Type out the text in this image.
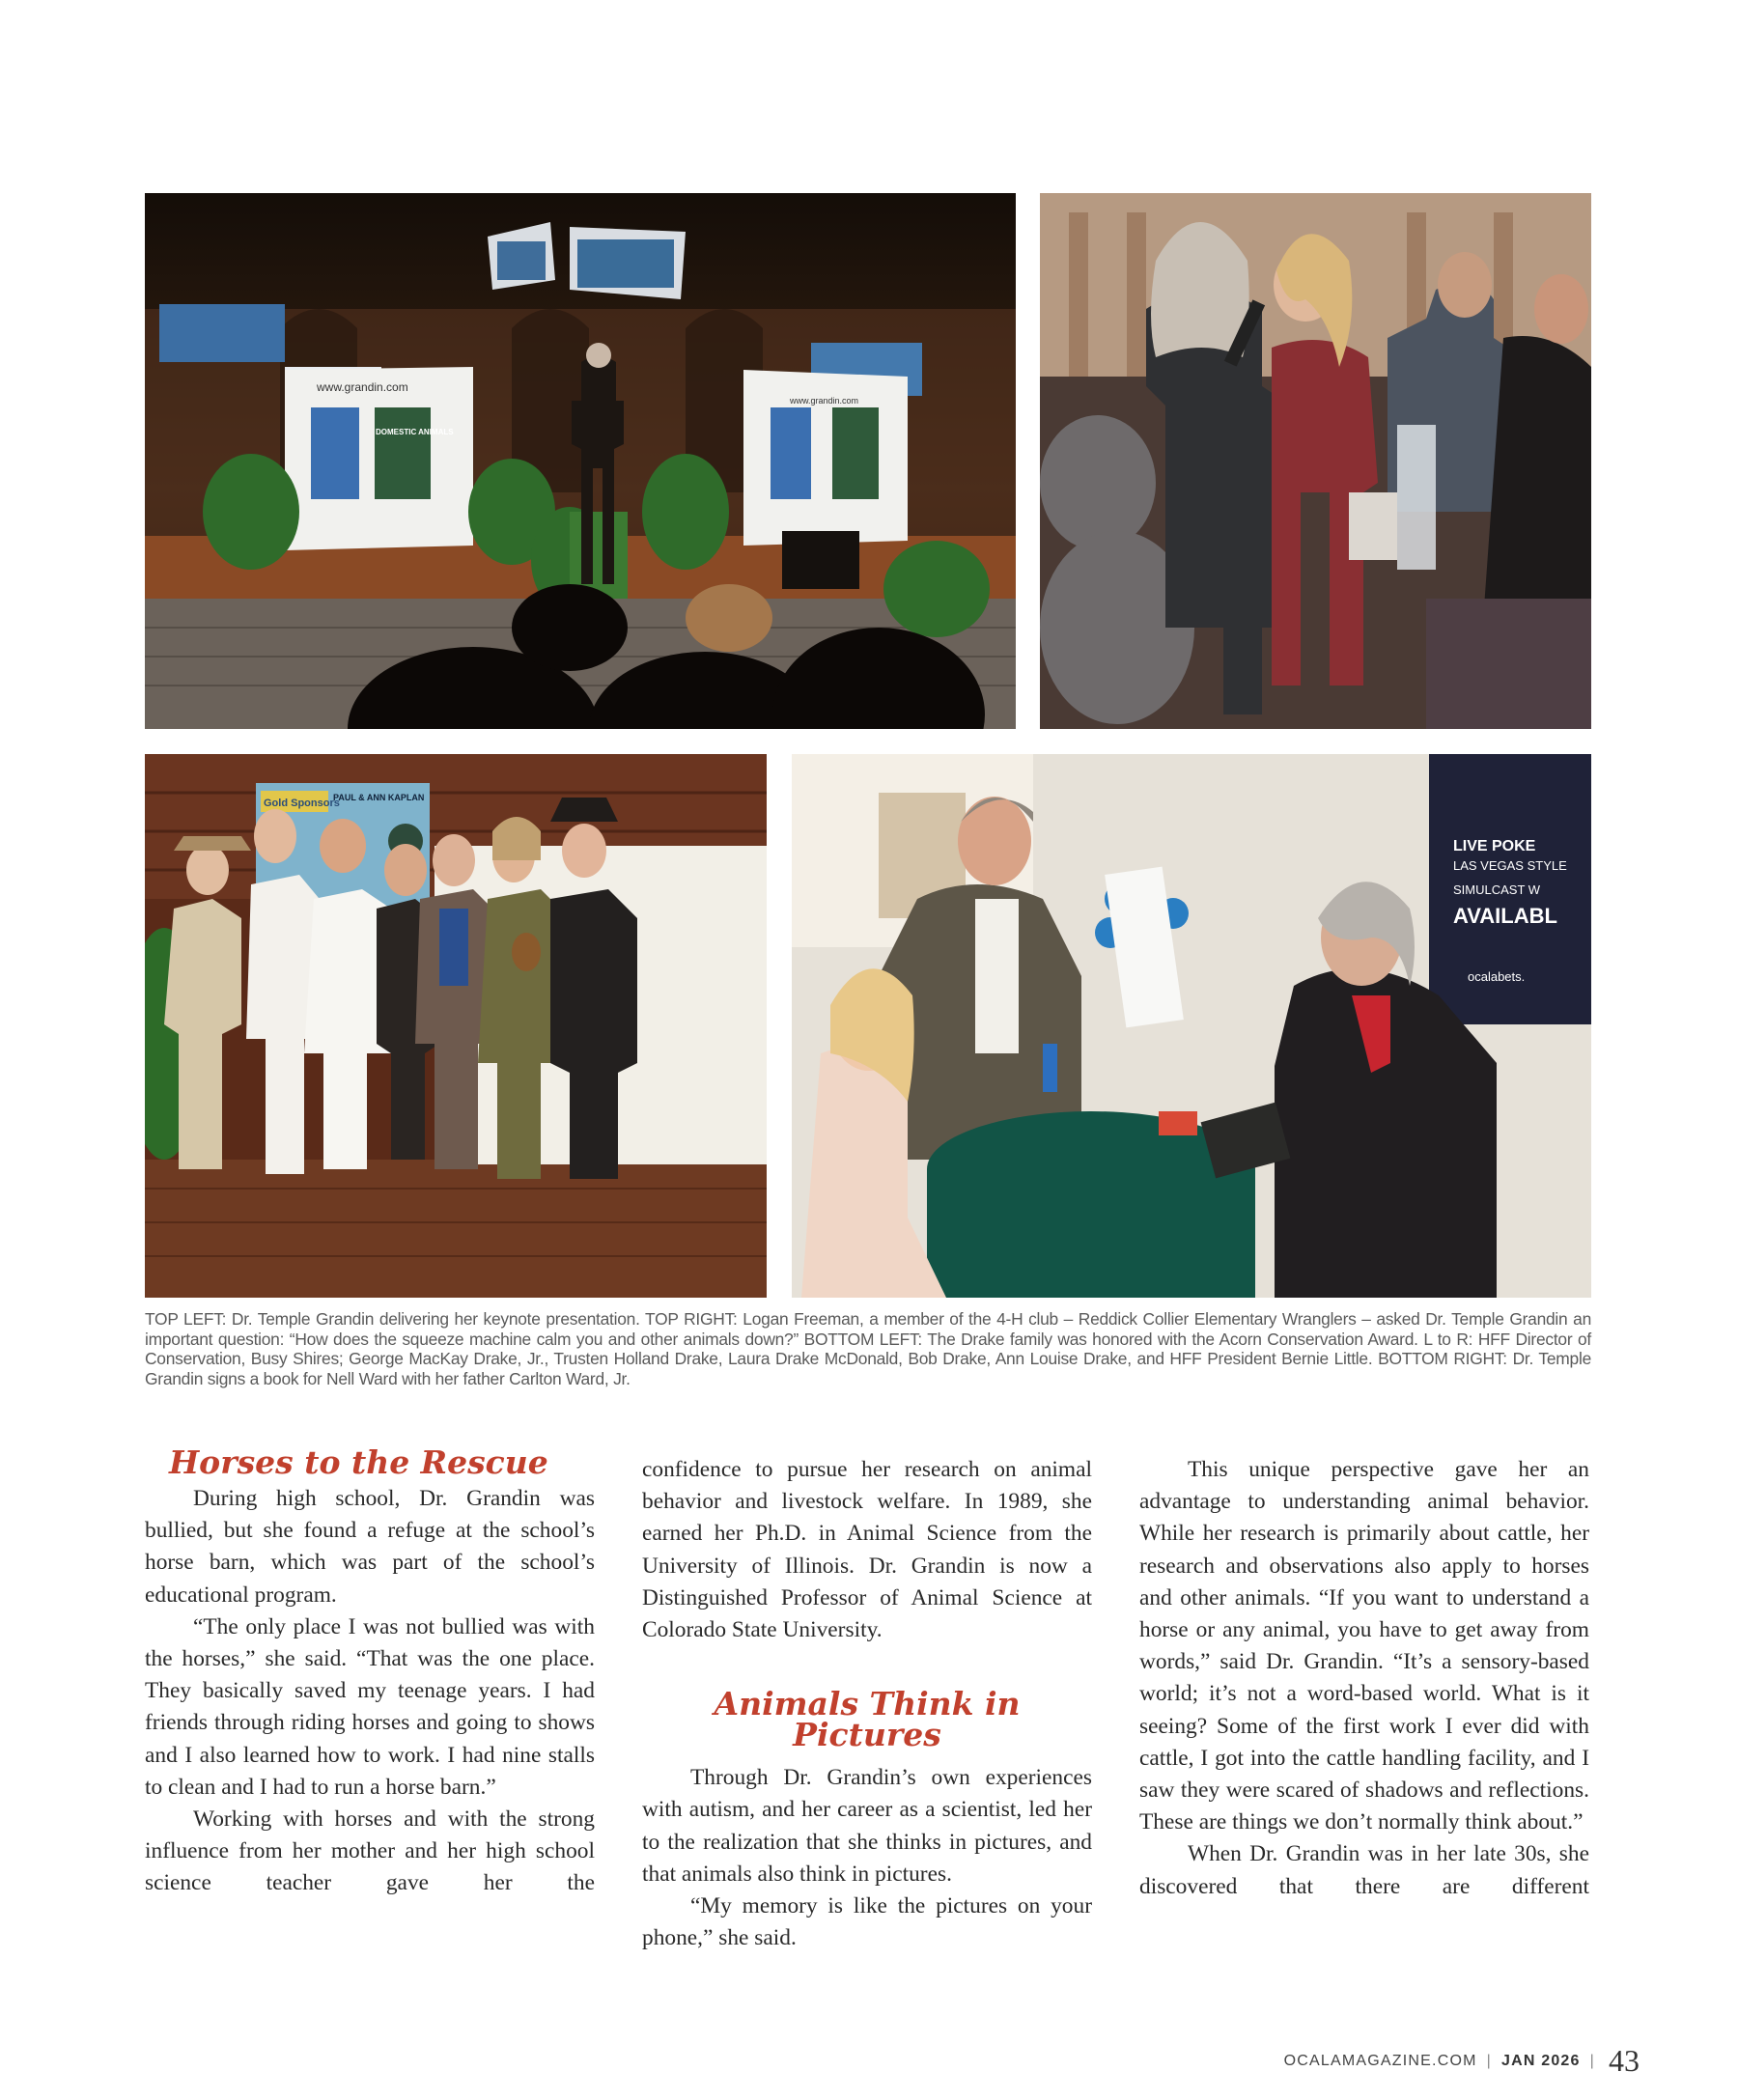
www.grandin.com
www.grandin.com
DOMESTIC ANIMALS
Gold Sponsors
PAUL & ANN KAPLAN
LIVE POKE
LAS VEGAS STYLE
SIMULCAST W
AVAILABL
ocalabets.
TOP LEFT: Dr. Temple Grandin delivering her keynote presentation. TOP RIGHT: Logan Freeman, a member of the 4-H club – Reddick Collier Elementary Wranglers – asked Dr. Temple Grandin an important question: “How does the squeeze machine calm you and other animals down?” BOTTOM LEFT: The Drake family was honored with the Acorn Conservation Award. L to R: HFF Director of Conservation, Busy Shires; George MacKay Drake, Jr., Trusten Holland Drake, Laura Drake McDonald, Bob Drake, Ann Louise Drake, and HFF President Bernie Little. BOTTOM RIGHT: Dr. Temple Grandin signs a book for Nell Ward with her father Carlton Ward, Jr.
Horses to the Rescue

During high school, Dr. Grandin was bullied, but she found a refuge at the school’s horse barn, which was part of the school’s educational program.

“The only place I was not bullied was with the horses,” she said. “That was the one place. They basically saved my teenage years. I had friends through riding horses and going to shows and I also learned how to work. I had nine stalls to clean and I had to run a horse barn.”

Working with horses and with the strong influence from her mother and her high school science teacher gave her the

confidence to pursue her research on animal behavior and livestock welfare. In 1989, she earned her Ph.D. in Animal Science from the University of Illinois. Dr. Grandin is now a Distinguished Professor of Animal Science at Colorado State University.

Animals Think in Pictures

Through Dr. Grandin’s own experiences with autism, and her career as a scientist, led her to the realization that she thinks in pictures, and that animals also think in pictures.

“My memory is like the pictures on your phone,” she said.

This unique perspective gave her an advantage to understanding animal behavior. While her research is primarily about cattle, her research and observations also apply to horses and other animals. “If you want to understand a horse or any animal, you have to get away from words,” said Dr. Grandin. “It’s a sensory-based world; it’s not a word-based world. What is it seeing? Some of the first work I ever did with cattle, I got into the cattle handling facility, and I saw they were scared of shadows and reflections. These are things we don’t normally think about.”

When Dr. Grandin was in her late 30s, she discovered that there are different

OCALAMAGAZINE.COM | JAN 2026 | 43
